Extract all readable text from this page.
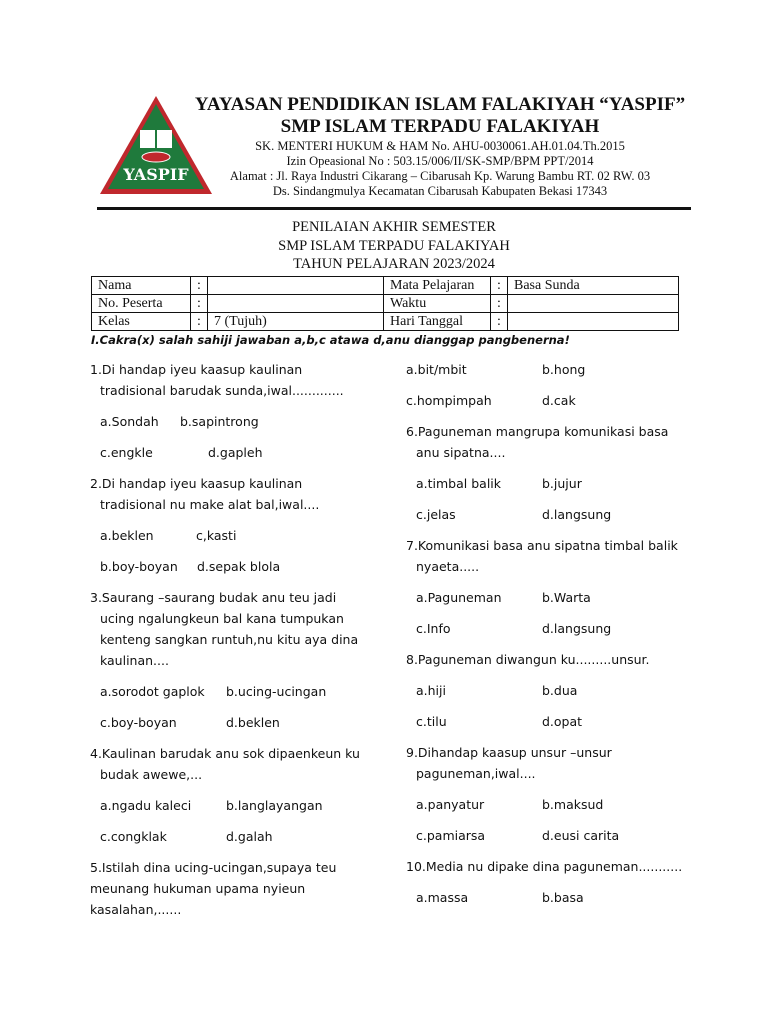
YASPIF
YAYASAN PENDIDIKAN ISLAM FALAKIYAH “YASPIF”
SMP ISLAM TERPADU FALAKIYAH
SK. MENTERI HUKUM & HAM No. AHU-0030061.AH.01.04.Th.2015
Izin Opeasional No : 503.15/006/II/SK-SMP/BPM PPT/2014
Alamat : Jl. Raya Industri Cikarang – Cibarusah Kp. Warung Bambu RT. 02 RW. 03
Ds. Sindangmulya Kecamatan Cibarusah Kabupaten Bekasi 17343
PENILAIAN AKHIR SEMESTER
SMP ISLAM TERPADU FALAKIYAH
TAHUN PELAJARAN 2023/2024
Nama	:		Mata Pelajaran	:	Basa Sunda
No. Peserta	:		Waktu	:	
Kelas	:	7 (Tujuh)	Hari Tanggal	:	
I.Cakra(x) salah sahiji jawaban a,b,c atawa d,anu dianggap pangbenerna!
1.Di handap iyeu kaasup kaulinan
tradisional barudak sunda,iwal.............
a.Sondah b.sapintrong
c.engkle	d.gapleh
2.Di handap iyeu kaasup kaulinan
tradisional nu make alat bal,iwal....
a.beklen	c,kasti
b.boy-boyan d.sepak blola
3.Saurang –saurang budak anu teu jadi
ucing ngalungkeun bal kana tumpukan
kenteng sangkan runtuh,nu kitu aya dina
kaulinan....
a.sorodot gaplok b.ucing-ucingan
c.boy-boyan	d.beklen
4.Kaulinan barudak anu sok dipaenkeun ku
budak awewe,...
a.ngadu kaleci	b.langlayangan
c.congklak	d.galah
5.Istilah dina ucing-ucingan,supaya teu
meunang hukuman upama nyieun
kasalahan,......
a.bit/mbit	b.hong
c.hompimpah	d.cak
6.Paguneman mangrupa komunikasi basa
anu sipatna....
a.timbal balik	b.jujur
c.jelas	d.langsung
7.Komunikasi basa anu sipatna timbal balik
nyaeta.....
a.Paguneman	b.Warta
c.Info	d.langsung
8.Paguneman diwangun ku.........unsur.
a.hiji	b.dua
c.tilu	d.opat
9.Dihandap kaasup unsur –unsur
paguneman,iwal....
a.panyatur	b.maksud
c.pamiarsa	d.eusi carita
10.Media nu dipake dina paguneman...........
a.massa	b.basa
